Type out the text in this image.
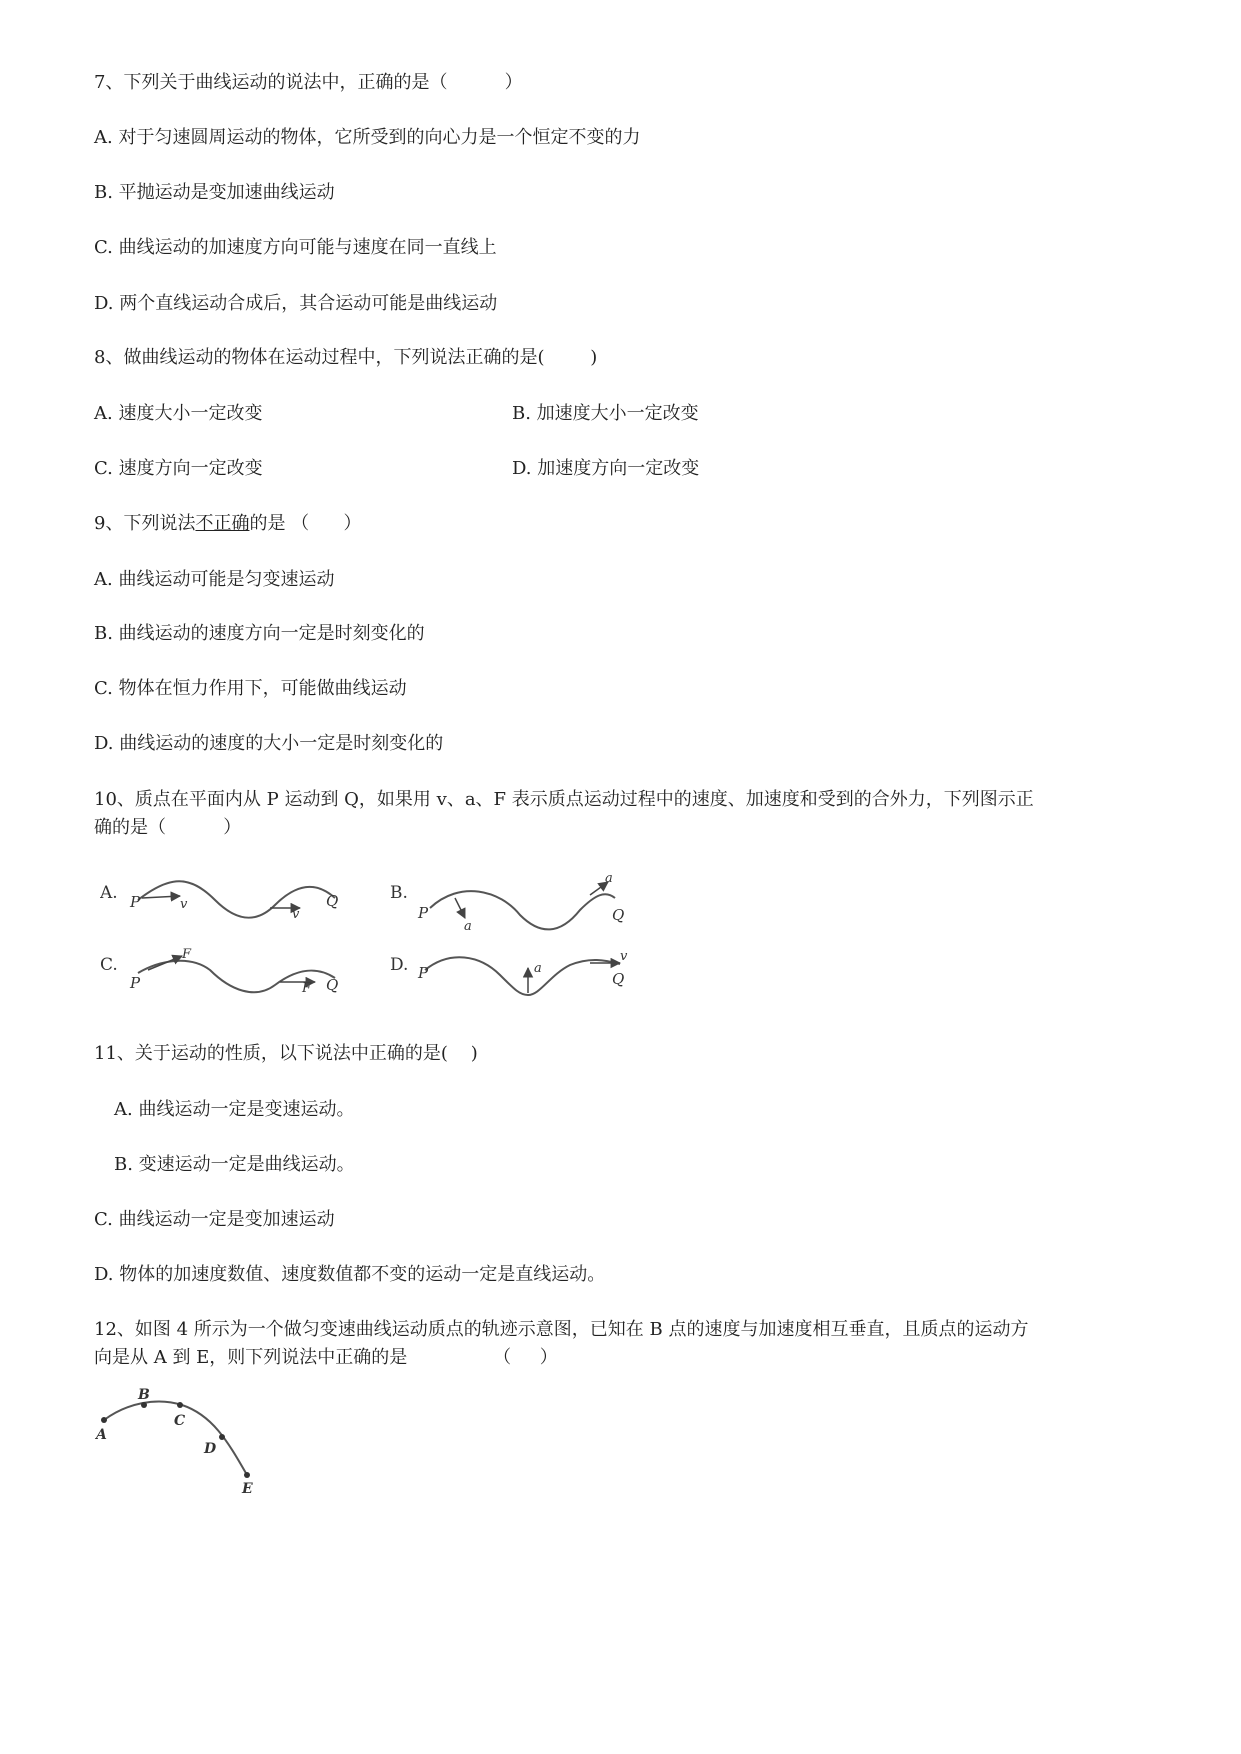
7、下列关于曲线运动的说法中，正确的是（          ）
A. 对于匀速圆周运动的物体，它所受到的向心力是一个恒定不变的力
B. 平抛运动是变加速曲线运动
C. 曲线运动的加速度方向可能与速度在同一直线上
D. 两个直线运动合成后，其合运动可能是曲线运动
8、做曲线运动的物体在运动过程中，下列说法正确的是(        )
A. 速度大小一定改变	B. 加速度大小一定改变
C. 速度方向一定改变	D. 加速度方向一定改变
9、下列说法不正确的是 （      ）
A. 曲线运动可能是匀变速运动
B. 曲线运动的速度方向一定是时刻变化的
C. 物体在恒力作用下，可能做曲线运动
D. 曲线运动的速度的大小一定是时刻变化的
10、质点在平面内从 P 运动到 Q，如果用 v、a、F 表示质点运动过程中的速度、加速度和受到的合外力，下列图示正
确的是（          ）
A. P	v
v
Q	B.
P
a
a
Q
C.
P
F
F Q
D. P	a
v
Q
11、关于运动的性质，以下说法中正确的是(    )
A. 曲线运动一定是变速运动。
B. 变速运动一定是曲线运动。
C. 曲线运动一定是变加速运动
D. 物体的加速度数值、速度数值都不变的运动一定是直线运动。
12、如图 4 所示为一个做匀变速曲线运动质点的轨迹示意图，已知在 B 点的速度与加速度相互垂直，且质点的运动方
向是从 A 到 E，则下列说法中正确的是               （     ）
A
B
C
D
E
